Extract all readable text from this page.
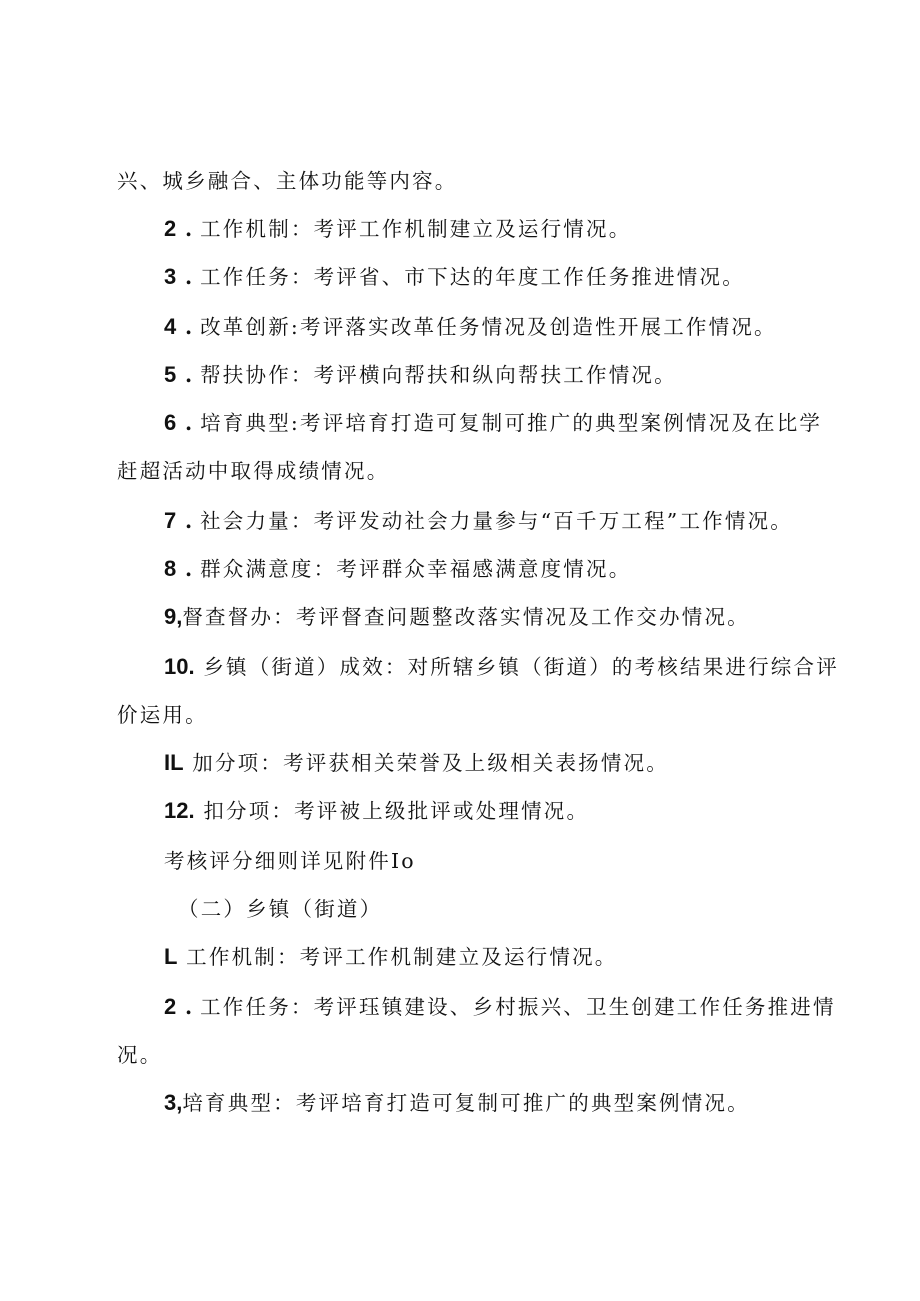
兴、城乡融合、主体功能等内容。
2 . 工作机制：考评工作机制建立及运行情况。
3 . 工作任务：考评省、市下达的年度工作任务推进情况。
4 . 改革创新:考评落实改革任务情况及创造性开展工作情况。
5 . 帮扶协作：考评横向帮扶和纵向帮扶工作情况。
6 . 培育典型:考评培育打造可复制可推广的典型案例情况及在比学
赶超活动中取得成绩情况。
7 . 社会力量：考评发动社会力量参与“百千万工程”工作情况。
8 . 群众满意度：考评群众幸福感满意度情况。
9,督查督办：考评督查问题整改落实情况及工作交办情况。
10. 乡镇（街道）成效：对所辖乡镇（街道）的考核结果进行综合评
价运用。
IL 加分项：考评获相关荣誉及上级相关表扬情况。
12. 扣分项：考评被上级批评或处理情况。
考核评分细则详见附件Io
（二）乡镇（街道）
L 工作机制：考评工作机制建立及运行情况。
2 . 工作任务：考评珏镇建设、乡村振兴、卫生创建工作任务推进情
况。
3,培育典型：考评培育打造可复制可推广的典型案例情况。
